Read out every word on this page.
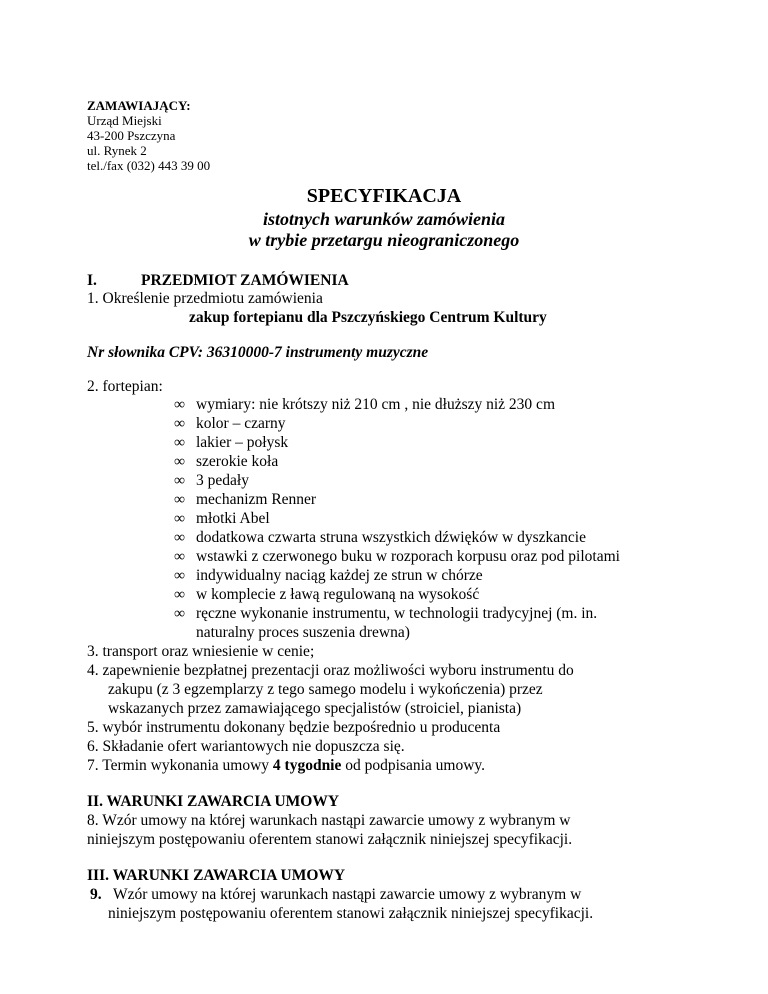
ZAMAWIAJĄCY:
Urząd Miejski
43-200 Pszczyna
ul. Rynek 2
tel./fax (032) 443 39 00
SPECYFIKACJA
istotnych warunków zamówienia
w trybie przetargu nieograniczonego
I.	PRZEDMIOT ZAMÓWIENIA
1. Określenie przedmiotu zamówienia
zakup fortepianu dla Pszczyńskiego Centrum Kultury
Nr słownika CPV: 36310000-7 instrumenty muzyczne
2. fortepian:
∞ wymiary: nie krótszy niż 210 cm , nie dłuższy niż 230 cm
∞ kolor – czarny
∞ lakier – połysk
∞ szerokie koła
∞ 3 pedały
∞ mechanizm Renner
∞ młotki Abel
∞ dodatkowa czwarta struna wszystkich dźwięków w dyszkancie
∞ wstawki z czerwonego buku w rozporach korpusu oraz pod pilotami
∞ indywidualny naciąg każdej ze strun w chórze
∞ w komplecie z ławą regulowaną na wysokość
∞ ręczne wykonanie instrumentu, w technologii tradycyjnej (m. in.
naturalny proces suszenia drewna)
3. transport oraz wniesienie w cenie;
4. zapewnienie bezpłatnej prezentacji oraz możliwości wyboru instrumentu do
zakupu (z 3 egzemplarzy z tego samego modelu i wykończenia) przez
wskazanych przez zamawiającego specjalistów (stroiciel, pianista)
5. wybór instrumentu dokonany będzie bezpośrednio u producenta
6. Składanie ofert wariantowych nie dopuszcza się.
7. Termin wykonania umowy 4 tygodnie od podpisania umowy.
II. WARUNKI ZAWARCIA UMOWY
8. Wzór umowy na której warunkach nastąpi zawarcie umowy z wybranym w
niniejszym postępowaniu oferentem stanowi załącznik niniejszej specyfikacji.
III. WARUNKI ZAWARCIA UMOWY
9. Wzór umowy na której warunkach nastąpi zawarcie umowy z wybranym w
niniejszym postępowaniu oferentem stanowi załącznik niniejszej specyfikacji.
